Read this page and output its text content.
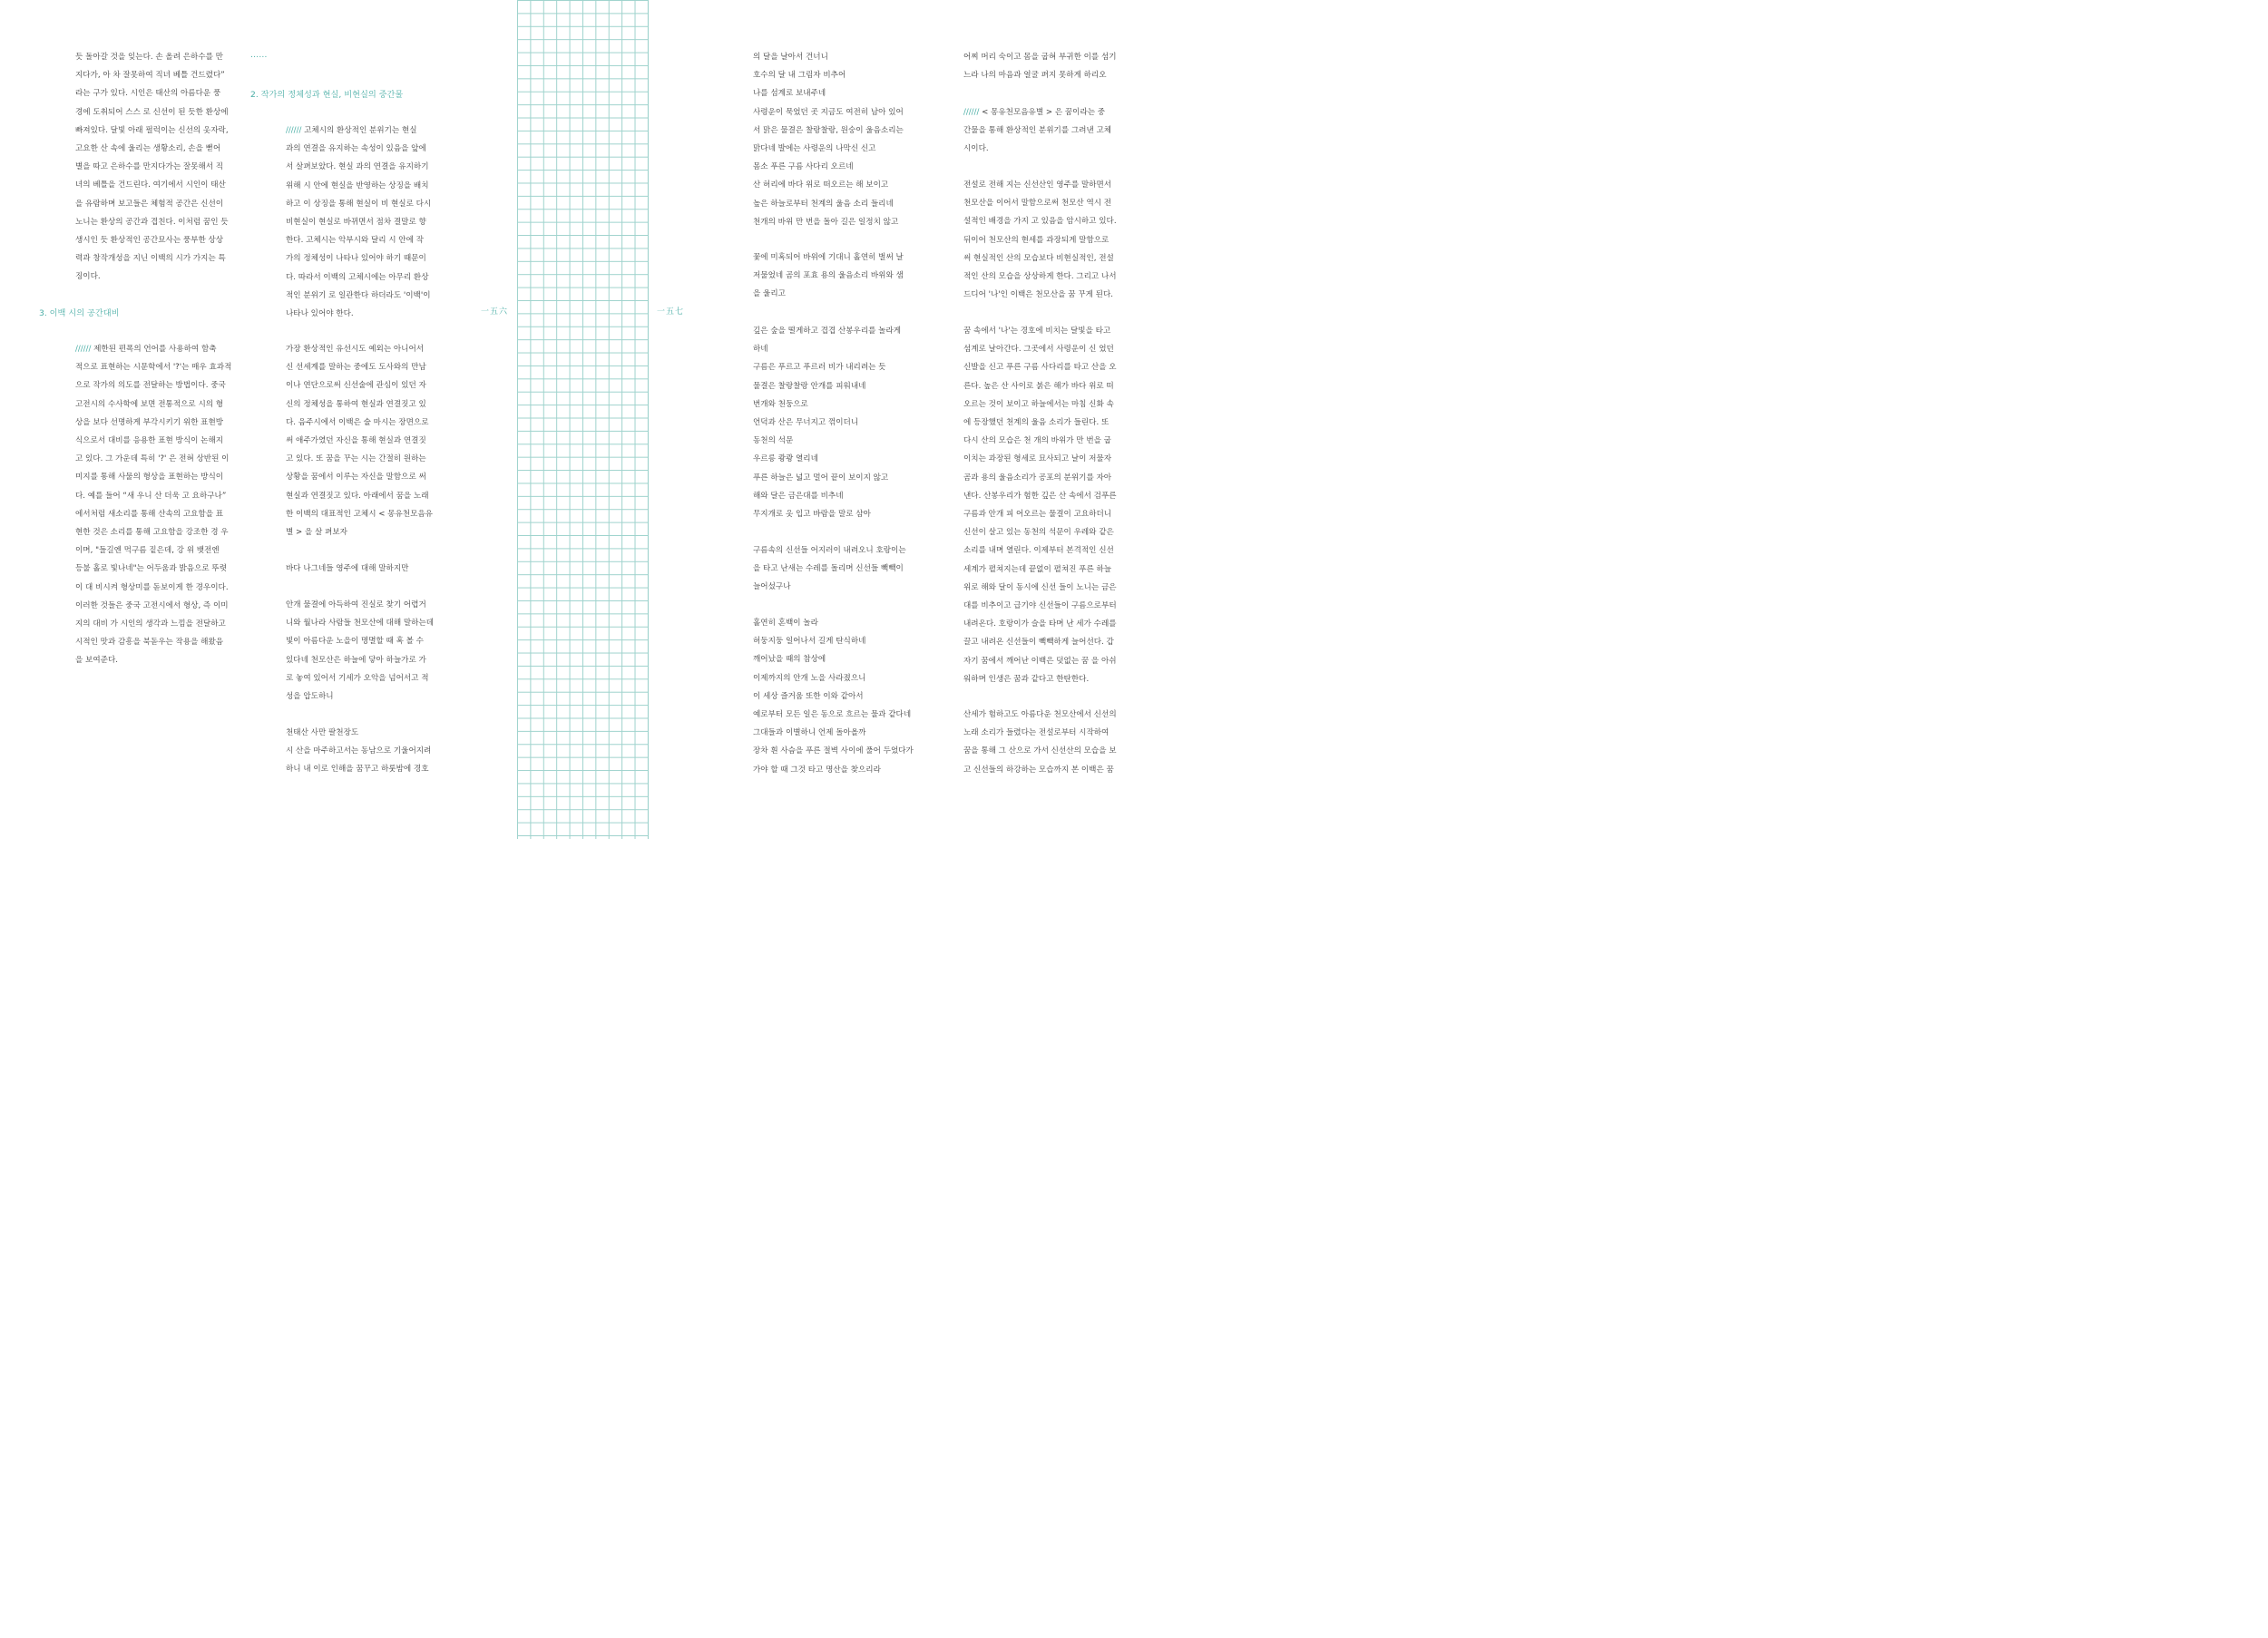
듯 돌아갈 것을 잊는다. 손 올려 은하수를 만

지다가, 아 차 잘못하여 직녀 베틀 건드렸다”

라는 구가 있다. 시인은 태산의 아름다운 풍

경에 도취되어 스스 로 신선이 된 듯한 환상에

빠져있다. 달빛 아래 펄럭이는 신선의 옷자락,

고요한 산 속에 울리는 생황소리, 손을 뻗어

별을 따고 은하수를 만지다가는 잘못해서 직

녀의 베틀을 건드린다. 여기에서 시인이 태산

을 유람하며 보고들은 체험적 공간은 신선이

노니는 환상의 공간과 겹친다. 이처럼 꿈인 듯

생시인 듯 환상적인 공간묘사는 풍부한 상상

력과 창작개성을 지닌 이백의 시가 가지는 특

징이다.

3. 이백 시의 공간대비

////// 제한된 편폭의 언어를 사용하여 함축

적으로 표현하는 시문학에서 '?'는 매우 효과적

으로 작가의 의도를 전달하는 방법이다. 중국

고전시의 수사학에 보면 전통적으로 시의 형

상을 보다 선명하게 부각시키기 위한 표현방

식으로서 대비를 응용한 표현 방식이 논해지

고 있다. 그 가운데 특히 '?' 은 전혀 상반된 이

미지를 통해 사물의 형상을 표현하는 방식이

다. 예를 들어 “새 우니 산 더욱 고 요하구나”

에서처럼 새소리를 통해 산속의 고요함을 표

현한 것은 소리를 통해 고요함을 강조한 경 우

이며, "들길엔 먹구름 짙은데, 강 위 뱃전엔

등불 홀로 빛나네"는 어두움과 밝음으로 뚜렷

이 대 비시켜 형상미를 돋보이게 한 경우이다.

이러한 것들은 중국 고전시에서 형상, 즉 이미

지의 대비 가 시인의 생각과 느낌을 전달하고

시적인 맛과 감흥을 북돋우는 작용을 해왔음

을 보여준다.

……
2. 작가의 정체성과 현실, 비현실의 중간물

////// 고체시의 환상적인 분위기는 현실

과의 연결을 유지하는 속성이 있음을 앞에

서 살펴보았다. 현실 과의 연결을 유지하기

위해 시 안에 현실을 반영하는 상징을 배치

하고 이 상징을 통해 현실이 비 현실로 다시

비현실이 현실로 바뀌면서 점차 결말로 향

한다. 고체시는 악부시와 달리 시 안에 작

가의 정체성이 나타나 있어야 하기 때문이

다. 따라서 이백의 고체시에는 아무리 환상

적인 분위기 로 일관한다 하더라도 '이백'이

나타나 있어야 한다.

가장 환상적인 유선시도 예외는 아니어서

신 선세계를 말하는 중에도 도사와의 만남

이나 연단으로써 신선술에 관심이 있던 자

신의 정체성을 통하여 현실과 연결짓고 있

다. 음주시에서 이백은 술 마시는 장면으로

써 애주가였던 자신을 통해 현실과 연결짓

고 있다. 또 꿈을 꾸는 시는 간절히 원하는

상황을 꿈에서 이루는 자신을 말함으로 써

현실과 연결짓고 있다. 아래에서 꿈을 노래

한 이백의 대표적인 고체시 < 몽유천모음유

별 > 을 살 펴보자

바다 나그네들 영주에 대해 말하지만

안개 물결에 아득하여 진실로 찾기 어렵거

니와 월나라 사람들 천모산에 대해 말하는데

빛이 아름다운 노을이 명멸할 때 혹 볼 수

있다네 천모산은 하늘에 닿아 하늘가로 가

로 놓여 있어서 기세가 오악을 넘어서고 적

성을 압도하니

천태산 사만 팔천장도

시 산을 마주하고서는 동남으로 기울어지려

하니 내 이로 인해을 꿈꾸고 하룻밤에 경호

一五六	一五七

의 달을 날아서 건너니

호수의 달 내 그림자 비추어

나를 섬계로 보내주네

사령운이 묵었던 곳 지금도 여전히 남아 있어

서 맑은 물결은 찰랑찰랑, 원숭이 울음소리는

맑다네 발에는 사령운의 나막신 신고

몸소 푸른 구름 사다리 오르네

산 허리에 바다 위로 떠오르는 해 보이고

높은 하늘로부터 천계의 울음 소리 들리네

천개의 바위 만 번을 돌아 길은 일정치 않고

꽃에 미혹되어 바위에 기대니 홀연히 벌써 날

저물었네 곰의 포효 용의 울음소리 바위와 샘

을 울리고

깊은 숲을 떨게하고 겹겹 산봉우리를 놀라게

하네

구름은 푸르고 푸르러 비가 내리려는 듯

물결은 찰랑찰랑 안개를 피워내네

번개와 천둥으로

언덕과 산은 무너지고 꺾이더니

동천의 석문

우르릉 쾅쾅 열리네

푸른 하늘은 넓고 멀어 끝이 보이지 않고

해와 달은 금은대를 비추네

무지개로 옷 입고 바람을 말로 삼아

구름속의 신선들 어지러이 내려오니 호랑이는

을 타고 난새는 수레를 돌리며 신선들 빽빽이

늘어섰구나

홀연히 혼백이 놀라

허둥지둥 일어나서 길게 탄식하네

깨어났을 때의 참상에

이제까지의 안개 노을 사라졌으니

이 세상 즐거움 또한 이와 같아서

예로부터 모든 일은 동으로 흐르는 물과 같다네

그대들과 이별하니 언제 돌아올까

장차 흰 사슴을 푸른 절벽 사이에 풀어 두었다가

가야 할 때 그것 타고 명산을 찾으리라

어찌 머리 숙이고 몸을 굽혀 부귀한 이를 섬기

느라 나의 마음과 얼굴 펴지 못하게 하리오

////// < 몽유천모음유별 > 은 꿈이라는 중

간물을 통해 환상적인 분위기를 그려낸 고체

시이다.

전설로 전해 지는 신선산인 영주를 말하면서

천모산을 이어서 말함으로써 천모산 역시 전

설적인 배경을 가지 고 있음을 암시하고 있다.

뒤이어 천모산의 현세를 과장되게 말함으로

써 현실적인 산의 모습보다 비현실적인, 전설

적인 산의 모습을 상상하게 한다. 그리고 나서

드디어 '나'인 이백은 천모산을 꿈 꾸게 된다.

꿈 속에서 '나'는 경호에 비치는 달빛을 타고

섬계로 날아간다. 그곳에서 사령운이 신 었던

신발을 신고 푸른 구름 사다리를 타고 산을 오

른다. 높은 산 사이로 붉은 해가 바다 위로 떠

오르는 것이 보이고 하늘에서는 마침 신화 속

에 등장했던 천계의 울음 소리가 들린다. 또

다시 산의 모습은 천 개의 바위가 만 번을 굽

이치는 과장된 형세로 묘사되고 날이 저물자

곰과 용의 울음소리가 공포의 분위기를 자아

낸다. 산봉우리가 험한 깊은 산 속에서 검푸른

구름과 안개 피 어오르는 물결이 고요하더니

신선이 살고 있는 동천의 석문이 우레와 같은

소리를 내며 열린다. 이제부터 본격적인 신선

세계가 펼쳐지는데 끝없이 펼쳐진 푸른 하늘

위로 해와 달이 동시에 신선 들이 노니는 금은

대를 비추이고 급기야 신선들이 구름으로부터

내려온다. 호랑이가 슬을 타며 난 세가 수레를

끌고 내려온 신선들이 빽빽하게 늘어선다. 갑

자기 꿈에서 깨어난 이백은 덧없는 꿈 을 아쉬

워하며 인생은 꿈과 같다고 한탄한다.

산세가 험하고도 아름다운 천모산에서 신선의

노래 소리가 들렸다는 전설로부터 시작하여

꿈을 통해 그 산으로 가서 신선산의 모습을 보

고 신선들의 하강하는 모습까지 본 이백은 꿈
